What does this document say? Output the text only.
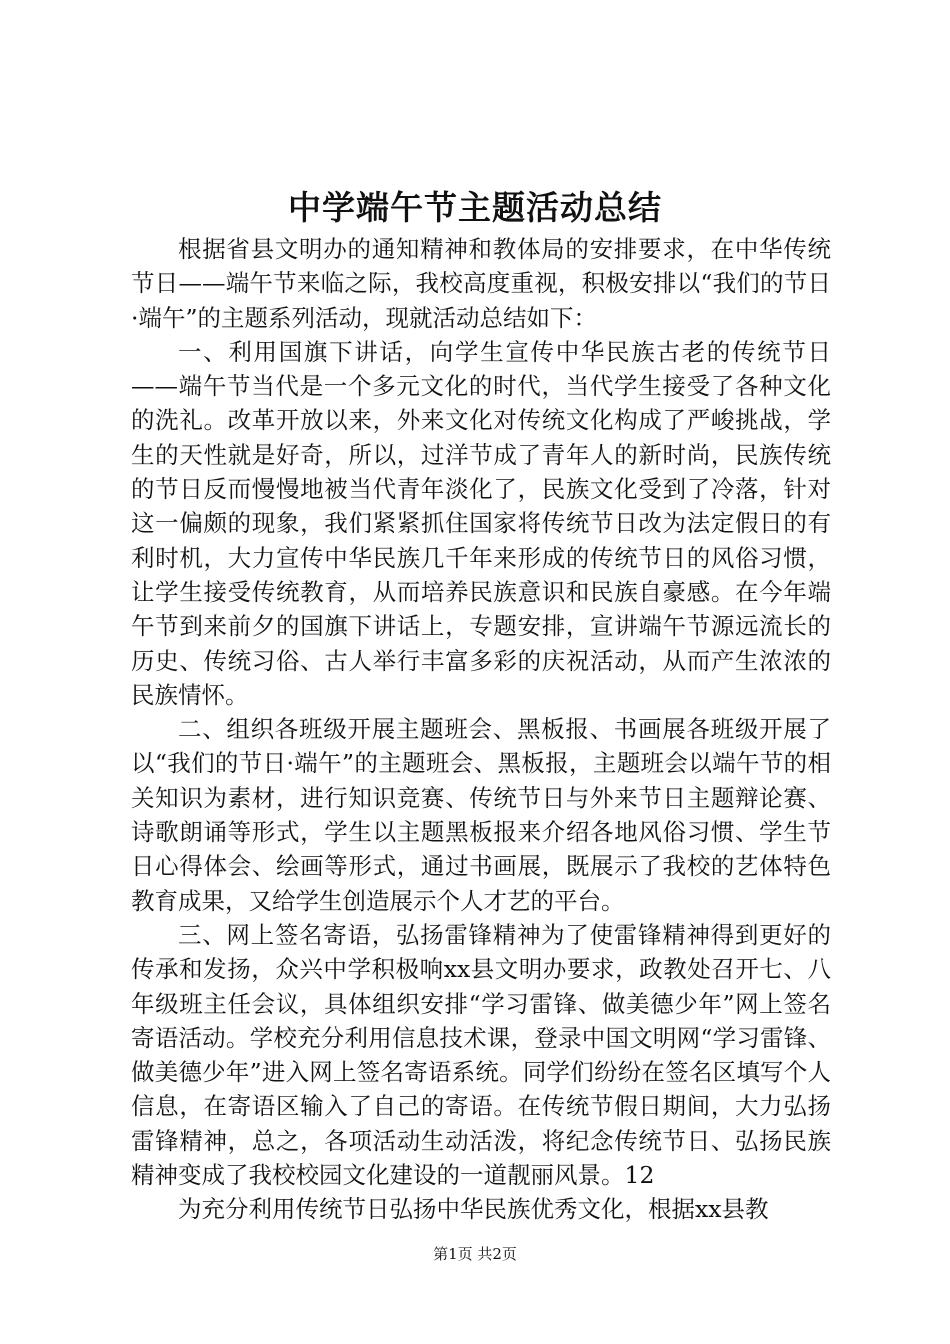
中学端午节主题活动总结

根据省县文明办的通知精神和教体局的安排要求，在中华传统节日——端午节来临之际，我校高度重视，积极安排以“我们的节日·端午”的主题系列活动，现就活动总结如下：

一、利用国旗下讲话，向学生宣传中华民族古老的传统节日——端午节当代是一个多元文化的时代，当代学生接受了各种文化的洗礼。改革开放以来，外来文化对传统文化构成了严峻挑战，学生的天性就是好奇，所以，过洋节成了青年人的新时尚，民族传统的节日反而慢慢地被当代青年淡化了，民族文化受到了冷落，针对这一偏颇的现象，我们紧紧抓住国家将传统节日改为法定假日的有利时机，大力宣传中华民族几千年来形成的传统节日的风俗习惯，让学生接受传统教育，从而培养民族意识和民族自豪感。在今年端午节到来前夕的国旗下讲话上，专题安排，宣讲端午节源远流长的历史、传统习俗、古人举行丰富多彩的庆祝活动，从而产生浓浓的民族情怀。

二、组织各班级开展主题班会、黑板报、书画展各班级开展了以“我们的节日·端午”的主题班会、黑板报，主题班会以端午节的相关知识为素材，进行知识竞赛、传统节日与外来节日主题辩论赛、诗歌朗诵等形式，学生以主题黑板报来介绍各地风俗习惯、学生节日心得体会、绘画等形式，通过书画展，既展示了我校的艺体特色教育成果，又给学生创造展示个人才艺的平台。

三、网上签名寄语，弘扬雷锋精神为了使雷锋精神得到更好的传承和发扬，众兴中学积极响xx县文明办要求，政教处召开七、八年级班主任会议，具体组织安排“学习雷锋、做美德少年”网上签名寄语活动。学校充分利用信息技术课，登录中国文明网“学习雷锋、做美德少年”进入网上签名寄语系统。同学们纷纷在签名区填写个人信息，在寄语区输入了自己的寄语。在传统节假日期间，大力弘扬雷锋精神，总之，各项活动生动活泼，将纪念传统节日、弘扬民族精神变成了我校校园文化建设的一道靓丽风景。12

为充分利用传统节日弘扬中华民族优秀文化，根据xx县教

第1页 共2页
